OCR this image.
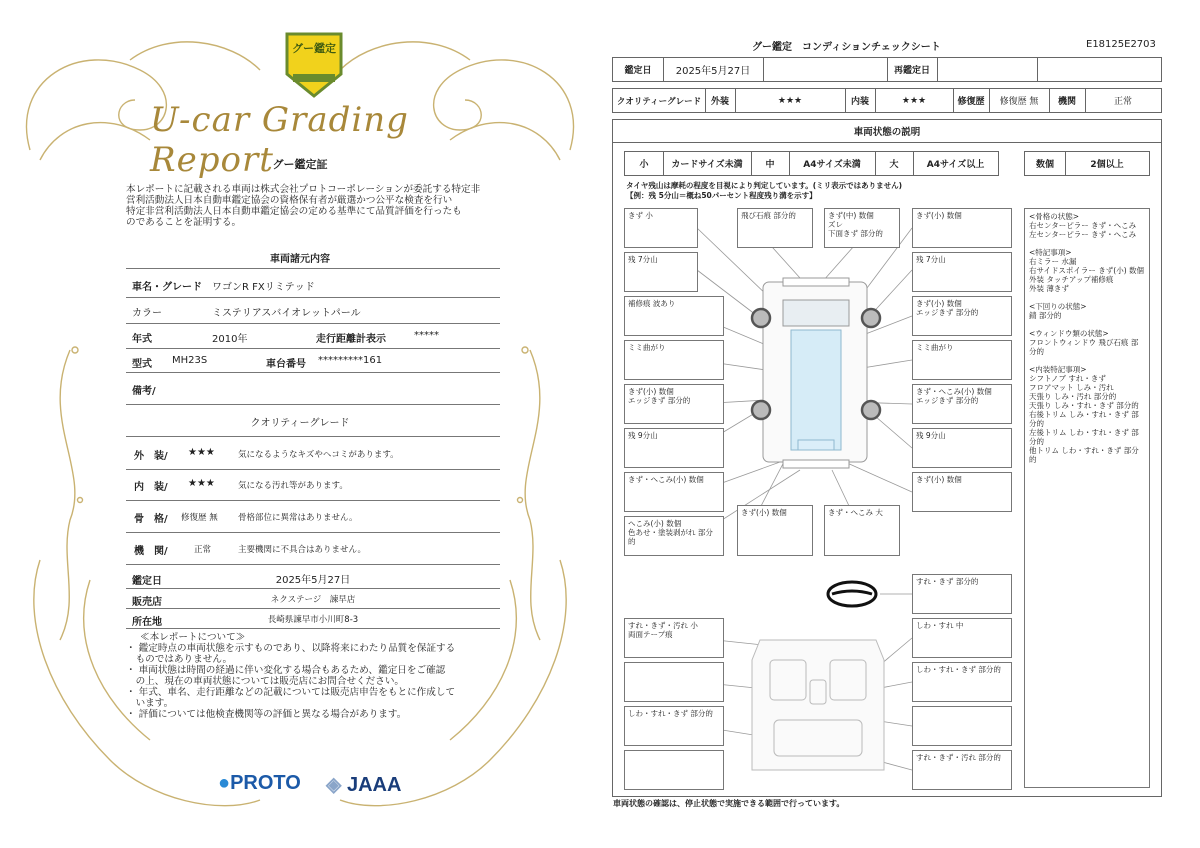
グー鑑定
U-car Grading Report
グー鑑定証
本レポートに記載される車両は株式会社プロトコーポレーションが委託する特定非
営利活動法人日本自動車鑑定協会の資格保有者が厳選かつ公平な検査を行い
特定非営利活動法人日本自動車鑑定協会の定める基準にて品質評価を行ったも
のであることを証明する。
車両諸元内容
車名・グレード ワゴンR FXリミテッド
カラー	ミステリアスバイオレットパール
年式	2010年	走行距離計表示	*****
型式 MH23S	車台番号 *********161
備考/
クオリティーグレード
外　装/ ★★★	気になるようなキズやヘコミがあります。
内　装/ ★★★	気になる汚れ等があります。
骨　格/ 修復歴 無 骨格部位に異常はありません。
機　関/	正常	主要機関に不具合はありません。
鑑定日	2025年5月27日
販売店	ネクステージ　諫早店
所在地	長崎県諫早市小川町8-3
≪本レポートについて≫
・ 鑑定時点の車両状態を示すものであり、以降将来にわたり品質を保証する
　ものではありません。
・ 車両状態は時間の経過に伴い変化する場合もあるため、鑑定日をご確認
　の上、現在の車両状態については販売店にお問合せください。
・ 年式、車名、走行距離などの記載については販売店申告をもとに作成して
　います。
・ 評価については他検査機関等の評価と異なる場合があります。
●PROTO ◈ JAAA
グー鑑定　コンディションチェックシート	E18125E2703
鑑定日	2025年5月27日	再鑑定日
クオリティーグレード	外装	★★★	内装	★★★	修復歴	修復歴 無	機関	正常
車両状態の説明
小	カードサイズ未満	中	A4サイズ未満	大	A4サイズ以上	数個	2個以上
タイヤ残山は摩耗の程度を目視により判定しています。(ミリ表示ではありません)
【例：残 5分山＝概ね50パーセント程度残り溝を示す】
きず 小	飛び石痕 部分的	きず(中) 数個
ズレ
下面きず 部分的
きず(小) 数個
残 7分山	残 7分山
補修痕 波あり	きず(小) 数個
エッジきず 部分的
ミミ曲がり	ミミ曲がり
きず(小) 数個
エッジきず 部分的
きず・へこみ(小) 数個
エッジきず 部分的
残 9分山	残 9分山
きず・へこみ(小) 数個	きず(小) 数個
へこみ(小) 数個
色あせ・塗装剥がれ 部分的
きず(小) 数個	きず・へこみ 大
<骨格の状態>
右センターピラー きず・へこみ
左センターピラー きず・へこみ
<特記事項>
右ミラー 水漏
右サイドスポイラー きず(小) 数個
外装 タッチアップ補修痕
外装 薄きず
<下回りの状態>
錆 部分的
<ウィンドウ類の状態>
フロントウィンドウ 飛び石痕 部分的
<内装特記事項>
シフトノブ すれ・きず
フロアマット しみ・汚れ
天張り しみ・汚れ 部分的
天張り しみ・すれ・きず 部分的
右後トリム しみ・すれ・きず 部分的
左後トリム しわ・すれ・きず 部分的
他トリム しわ・すれ・きず 部分的
すれ・きず 部分的
すれ・きず・汚れ 小
両面テープ痕
しわ・すれ 中
しわ・すれ・きず 部分的
しわ・すれ・きず 部分的
すれ・きず・汚れ 部分的
車両状態の確認は、停止状態で実施できる範囲で行っています。
